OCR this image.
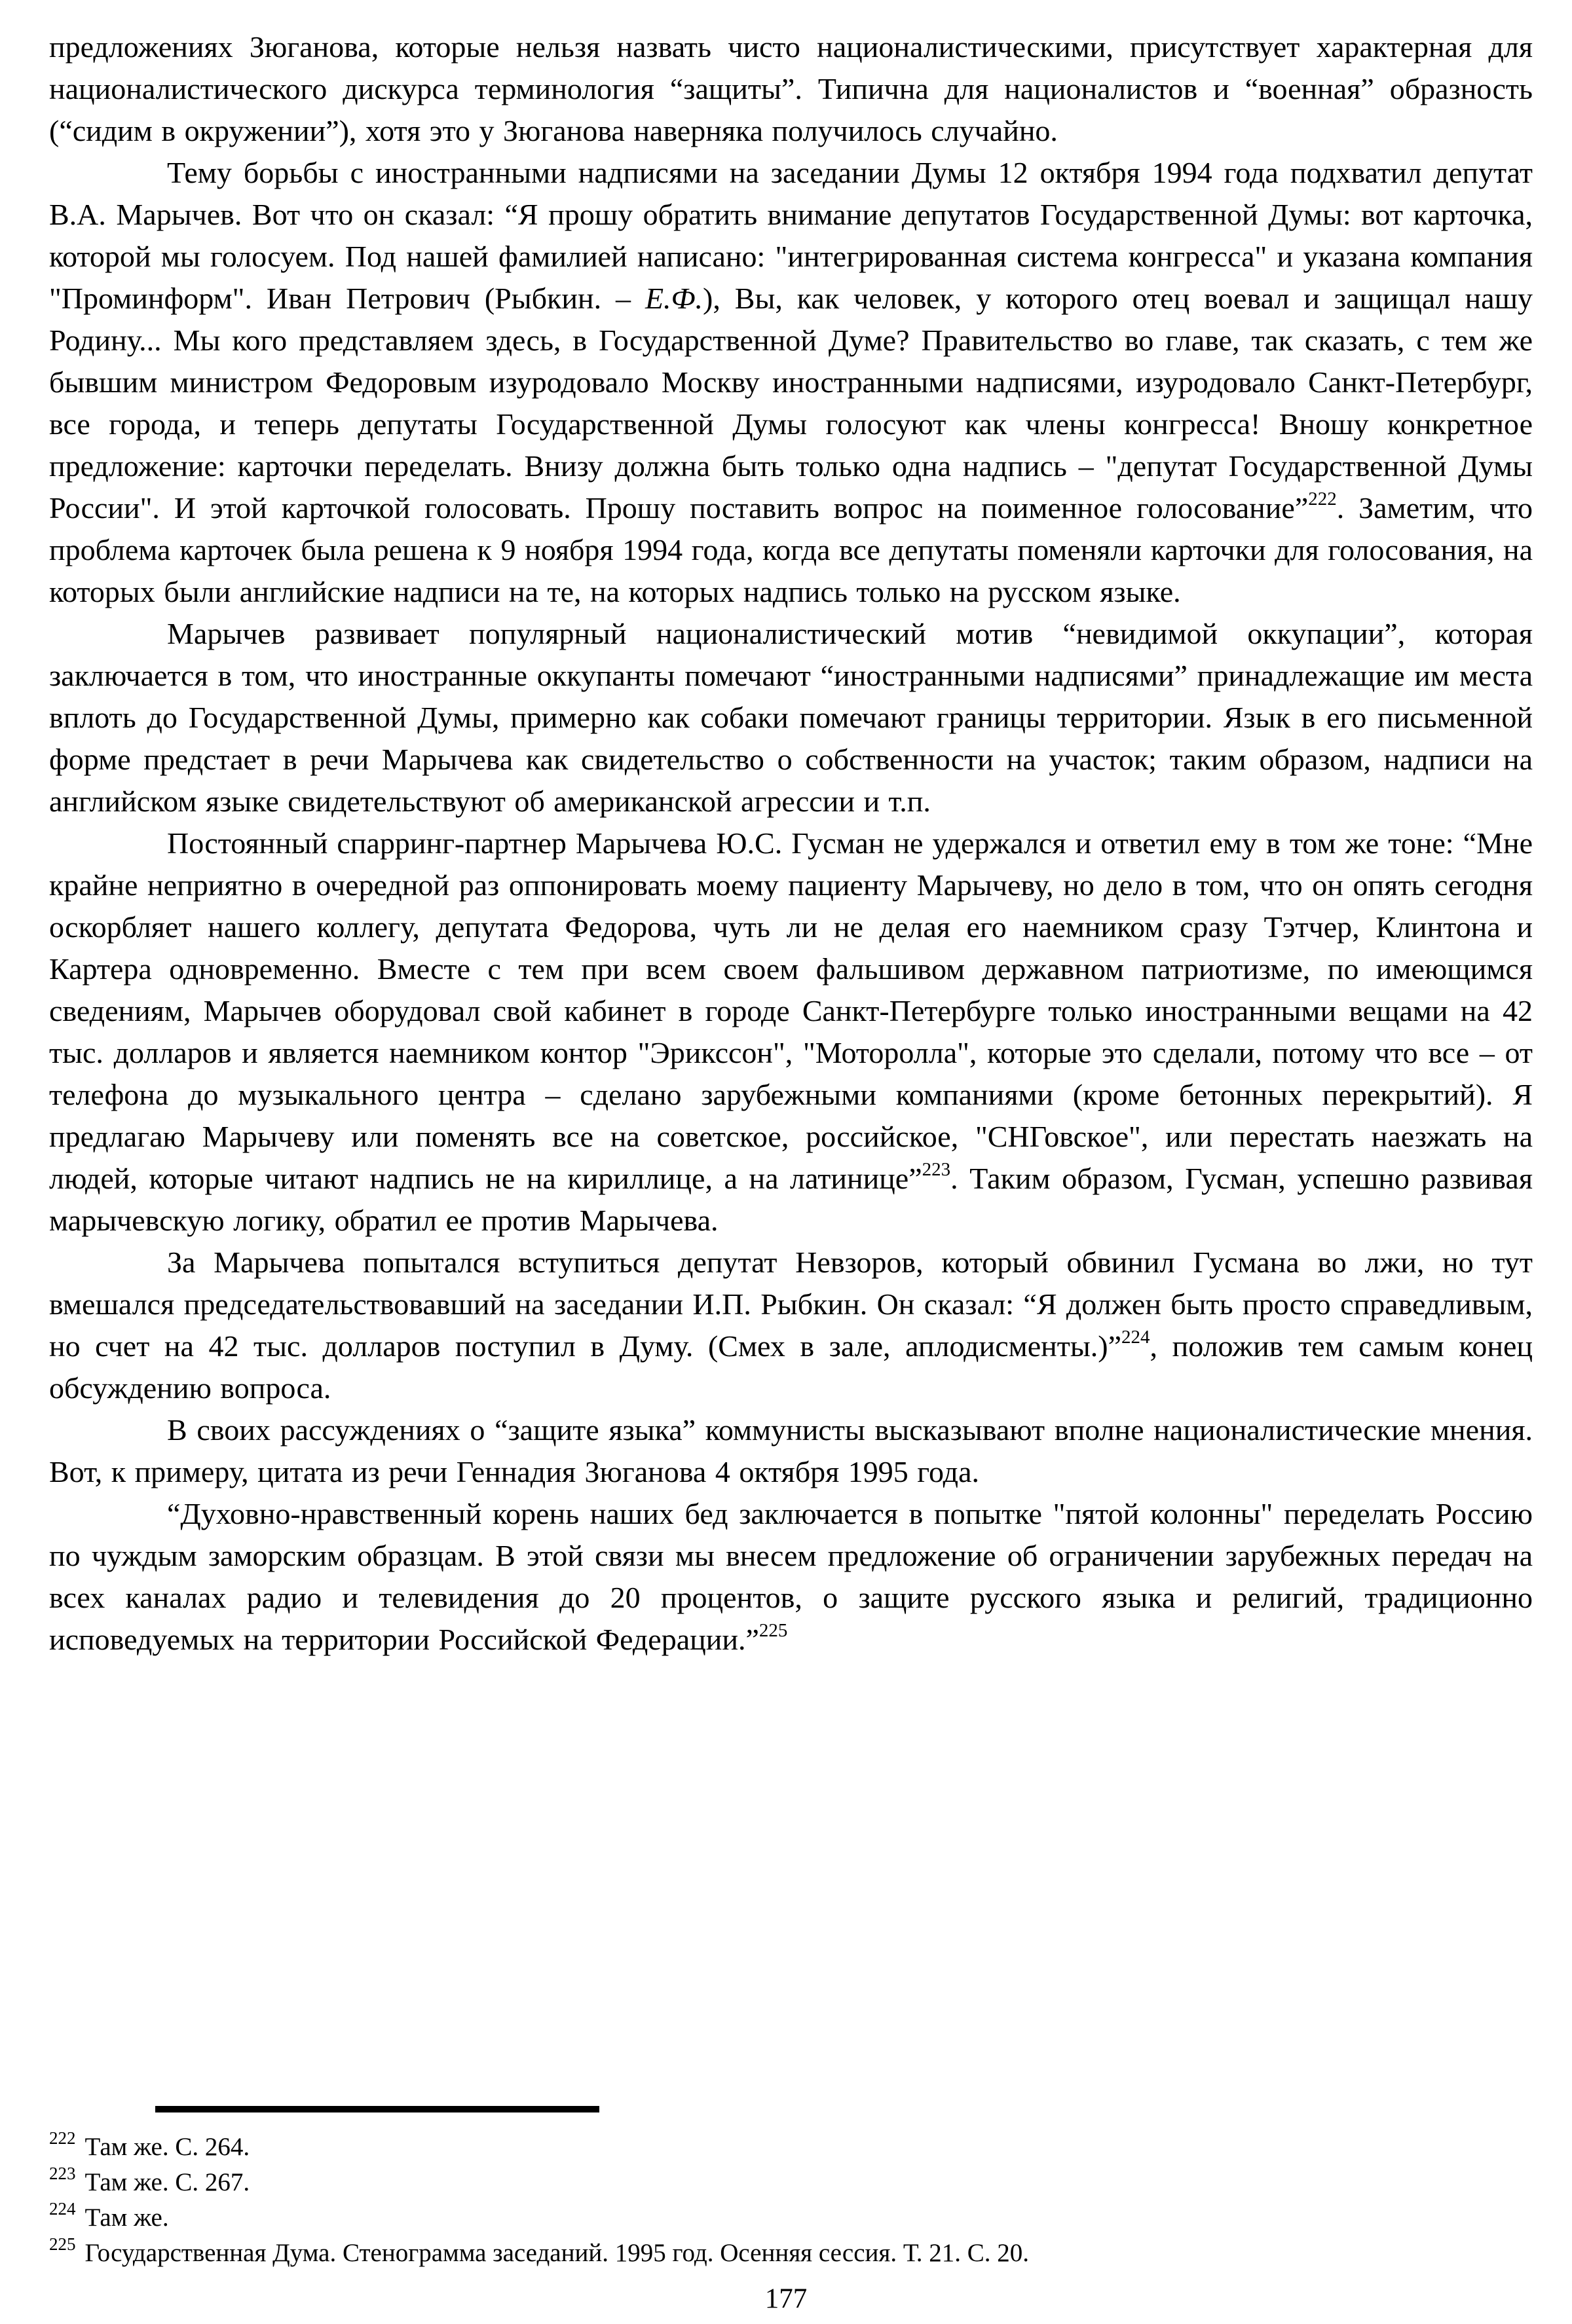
предложениях Зюганова, которые нельзя назвать чисто националистическими, присутствует характерная для националистического дискурса терминология “защиты”. Типична для националистов и “военная” образность (“сидим в окружении”), хотя это у Зюганова наверняка получилось случайно.

Тему борьбы с иностранными надписями на заседании Думы 12 октября 1994 года подхватил депутат В.А. Марычев. Вот что он сказал: “Я прошу обратить внимание депутатов Государственной Думы: вот карточка, которой мы голосуем. Под нашей фамилией написано: "интегрированная система конгресса" и указана компания "Проминформ". Иван Петрович (Рыбкин. – Е.Ф.), Вы, как человек, у которого отец воевал и защищал нашу Родину... Мы кого представляем здесь, в Государственной Думе? Правительство во главе, так сказать, с тем же бывшим министром Федоровым изуродовало Москву иностранными надписями, изуродовало Санкт-Петербург, все города, и теперь депутаты Государственной Думы голосуют как члены конгресса! Вношу конкретное предложение: карточки переделать. Внизу должна быть только одна надпись – "депутат Государственной Думы России". И этой карточкой голосовать. Прошу поставить вопрос на поименное голосование”$^{222}$. Заметим, что проблема карточек была решена к 9 ноября 1994 года, когда все депутаты поменяли карточки для голосования, на которых были английские надписи на те, на которых надпись только на русском языке.

Марычев развивает популярный националистический мотив “невидимой оккупации”, которая заключается в том, что иностранные оккупанты помечают “иностранными надписями” принадлежащие им места вплоть до Государственной Думы, примерно как собаки помечают границы территории. Язык в его письменной форме предстает в речи Марычева как свидетельство о собственности на участок; таким образом, надписи на английском языке свидетельствуют об американской агрессии и т.п.

Постоянный спарринг-партнер Марычева Ю.С. Гусман не удержался и ответил ему в том же тоне: “Мне крайне неприятно в очередной раз оппонировать моему пациенту Марычеву, но дело в том, что он опять сегодня оскорбляет нашего коллегу, депутата Федорова, чуть ли не делая его наемником сразу Тэтчер, Клинтона и Картера одновременно. Вместе с тем при всем своем фальшивом державном патриотизме, по имеющимся сведениям, Марычев оборудовал свой кабинет в городе Санкт-Петербурге только иностранными вещами на 42 тыс. долларов и является наемником контор "Эрикссон", "Моторолла", которые это сделали, потому что все – от телефона до музыкального центра – сделано зарубежными компаниями (кроме бетонных перекрытий). Я предлагаю Марычеву или поменять все на советское, российское, "СНГовское", или перестать наезжать на людей, которые читают надпись не на кириллице, а на латинице”$^{223}$. Таким образом, Гусман, успешно развивая марычевскую логику, обратил ее против Марычева.

За Марычева попытался вступиться депутат Невзоров, который обвинил Гусмана во лжи, но тут вмешался председательствовавший на заседании И.П. Рыбкин. Он сказал: “Я должен быть просто справедливым, но счет на 42 тыс. долларов поступил в Думу. (Смех в зале, аплодисменты.)”$^{224}$, положив тем самым конец обсуждению вопроса.

В своих рассуждениях о “защите языка” коммунисты высказывают вполне националистические мнения. Вот, к примеру, цитата из речи Геннадия Зюганова 4 октября 1995 года.

“Духовно-нравственный корень наших бед заключается в попытке "пятой колонны" переделать Россию по чуждым заморским образцам. В этой связи мы внесем предложение об ограничении зарубежных передач на всех каналах радио и телевидения до 20 процентов, о защите русского языка и религий, традиционно исповедуемых на территории Российской Федерации.”$^{225}$

$^{222}$ Там же. С. 264.
$^{223}$ Там же. С. 267.
$^{224}$ Там же.
$^{225}$ Государственная Дума. Стенограмма заседаний. 1995 год. Осенняя сессия. Т. 21. С. 20.
177
